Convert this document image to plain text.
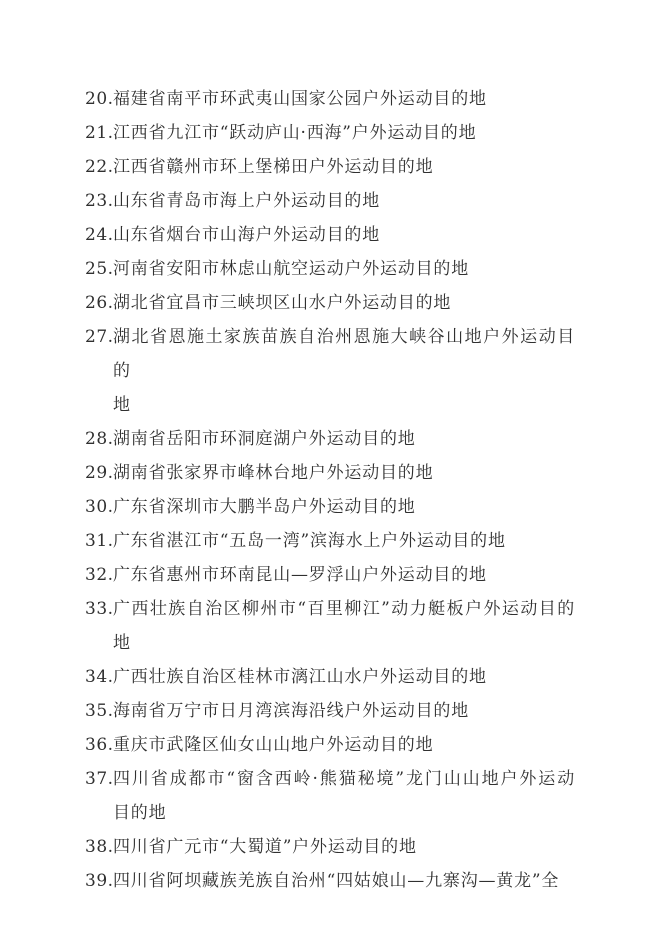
20. 福建省南平市环武夷山国家公园户外运动目的地
21. 江西省九江市“跃动庐山·西海”户外运动目的地
22. 江西省赣州市环上堡梯田户外运动目的地
23. 山东省青岛市海上户外运动目的地
24. 山东省烟台市山海户外运动目的地
25. 河南省安阳市林虑山航空运动户外运动目的地
26. 湖北省宜昌市三峡坝区山水户外运动目的地
27. 湖北省恩施土家族苗族自治州恩施大峡谷山地户外运动目的
地
28. 湖南省岳阳市环洞庭湖户外运动目的地
29. 湖南省张家界市峰林台地户外运动目的地
30. 广东省深圳市大鹏半岛户外运动目的地
31. 广东省湛江市“五岛一湾”滨海水上户外运动目的地
32. 广东省惠州市环南昆山—罗浮山户外运动目的地
33. 广西壮族自治区柳州市“百里柳江”动力艇板户外运动目的
地
34. 广西壮族自治区桂林市漓江山水户外运动目的地
35. 海南省万宁市日月湾滨海沿线户外运动目的地
36. 重庆市武隆区仙女山山地户外运动目的地
37. 四川省成都市“窗含西岭·熊猫秘境”龙门山山地户外运动
目的地
38. 四川省广元市“大蜀道”户外运动目的地
39. 四川省阿坝藏族羌族自治州“四姑娘山—九寨沟—黄龙”全
